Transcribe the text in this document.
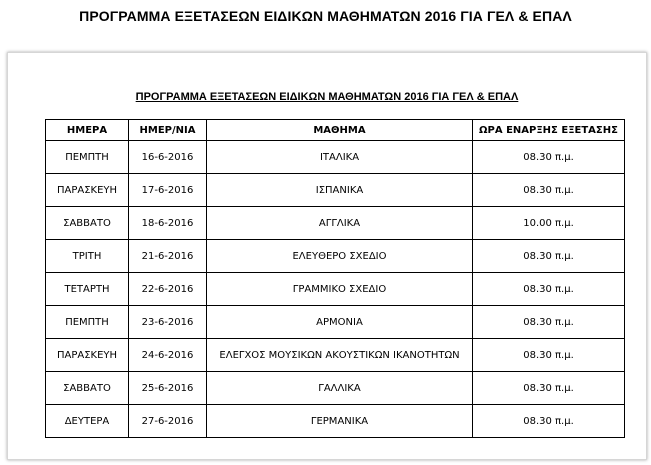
ΠΡΟΓΡΑΜΜΑ ΕΞΕΤΑΣΕΩΝ ΕΙΔΙΚΩΝ ΜΑΘΗΜΑΤΩΝ 2016 ΓΙΑ ΓΕΛ & ΕΠΑΛ
ΠΡΟΓΡΑΜΜΑ ΕΞΕΤΑΣΕΩΝ ΕΙΔΙΚΩΝ ΜΑΘΗΜΑΤΩΝ 2016 ΓΙΑ ΓΕΛ & ΕΠΑΛ
ΗΜΕΡΑ	ΗΜΕΡ/ΝΙΑ	ΜΑΘΗΜΑ	ΩΡΑ ΕΝΑΡΞΗΣ ΕΞΕΤΑΣΗΣ
ΠΕΜΠΤΗ	16-6-2016	ΙΤΑΛΙΚΑ	08.30 π.μ.
ΠΑΡΑΣΚΕΥΗ	17-6-2016	ΙΣΠΑΝΙΚΑ	08.30 π.μ.
ΣΑΒΒΑΤΟ	18-6-2016	ΑΓΓΛΙΚΑ	10.00 π.μ.
ΤΡΙΤΗ	21-6-2016	ΕΛΕΥΘΕΡΟ ΣΧΕΔΙΟ	08.30 π.μ.
ΤΕΤΑΡΤΗ	22-6-2016	ΓΡΑΜΜΙΚΟ ΣΧΕΔΙΟ	08.30 π.μ.
ΠΕΜΠΤΗ	23-6-2016	ΑΡΜΟΝΙΑ	08.30 π.μ.
ΠΑΡΑΣΚΕΥΗ	24-6-2016	ΕΛΕΓΧΟΣ ΜΟΥΣΙΚΩΝ ΑΚΟΥΣΤΙΚΩΝ ΙΚΑΝΟΤΗΤΩΝ	08.30 π.μ.
ΣΑΒΒΑΤΟ	25-6-2016	ΓΑΛΛΙΚΑ	08.30 π.μ.
ΔΕΥΤΕΡΑ	27-6-2016	ΓΕΡΜΑΝΙΚΑ	08.30 π.μ.
